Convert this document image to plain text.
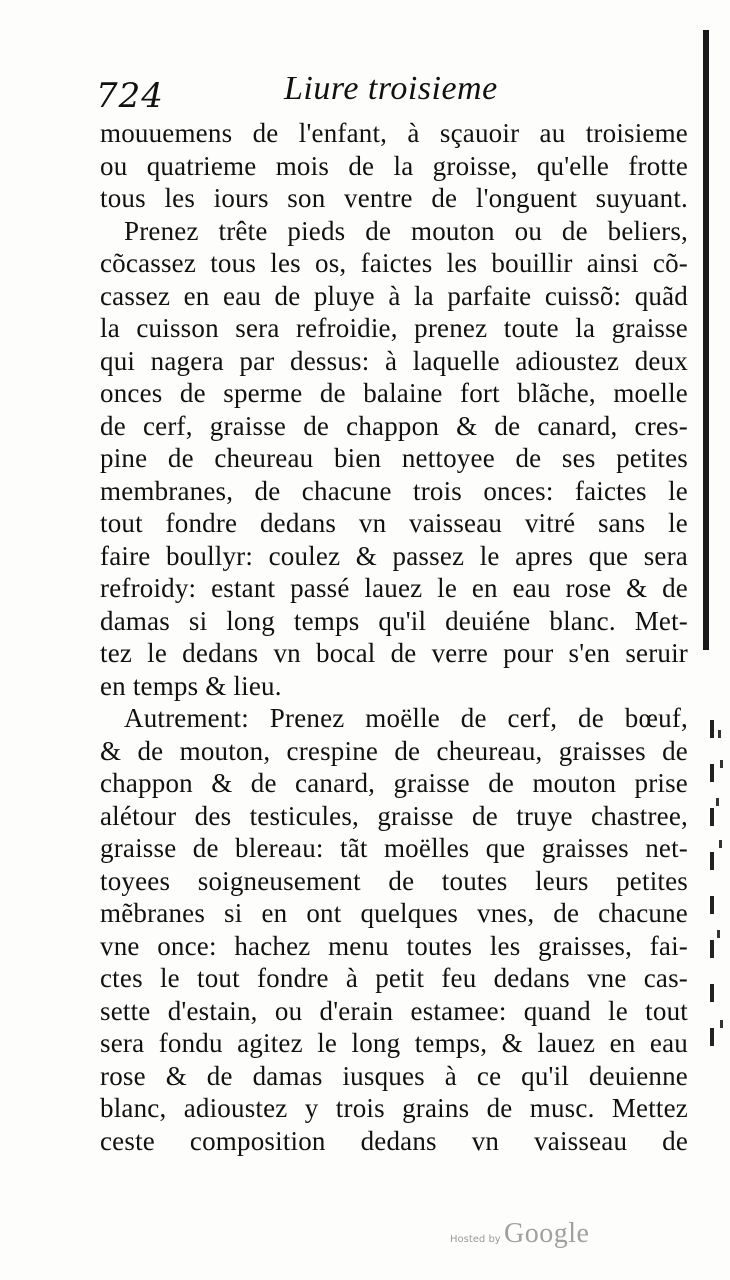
724	Liure troisieme
mouuemens de l'enfant, à sçauoir au troisieme
ou quatrieme mois de la groisse, qu'elle frotte
tous les iours son ventre de l'onguent suyuant.
Prenez trête pieds de mouton ou de beliers,
cõcassez tous les os, faictes les bouillir ainsi cõ-
cassez en eau de pluye à la parfaite cuissõ: quãd
la cuisson sera refroidie, prenez toute la graisse
qui nagera par dessus: à laquelle adioustez deux
onces de sperme de balaine fort blãche, moelle
de cerf, graisse de chappon & de canard, cres-
pine de cheureau bien nettoyee de ses petites
membranes, de chacune trois onces: faictes le
tout fondre dedans vn vaisseau vitré sans le
faire boullyr: coulez & passez le apres que sera
refroidy: estant passé lauez le en eau rose & de
damas si long temps qu'il deuiéne blanc. Met-
tez le dedans vn bocal de verre pour s'en seruir
en temps & lieu.
Autrement: Prenez moëlle de cerf, de bœuf,
& de mouton, crespine de cheureau, graisses de
chappon & de canard, graisse de mouton prise
alétour des testicules, graisse de truye chastree,
graisse de blereau: tãt moëlles que graisses net-
toyees soigneusement de toutes leurs petites
mẽbranes si en ont quelques vnes, de chacune
vne once: hachez menu toutes les graisses, fai-
ctes le tout fondre à petit feu dedans vne cas-
sette d'estain, ou d'erain estamee: quand le tout
sera fondu agitez le long temps, & lauez en eau
rose & de damas iusques à ce qu'il deuienne
blanc, adioustez y trois grains de musc. Mettez
ceste composition dedans vn vaisseau de
Hosted by Google
